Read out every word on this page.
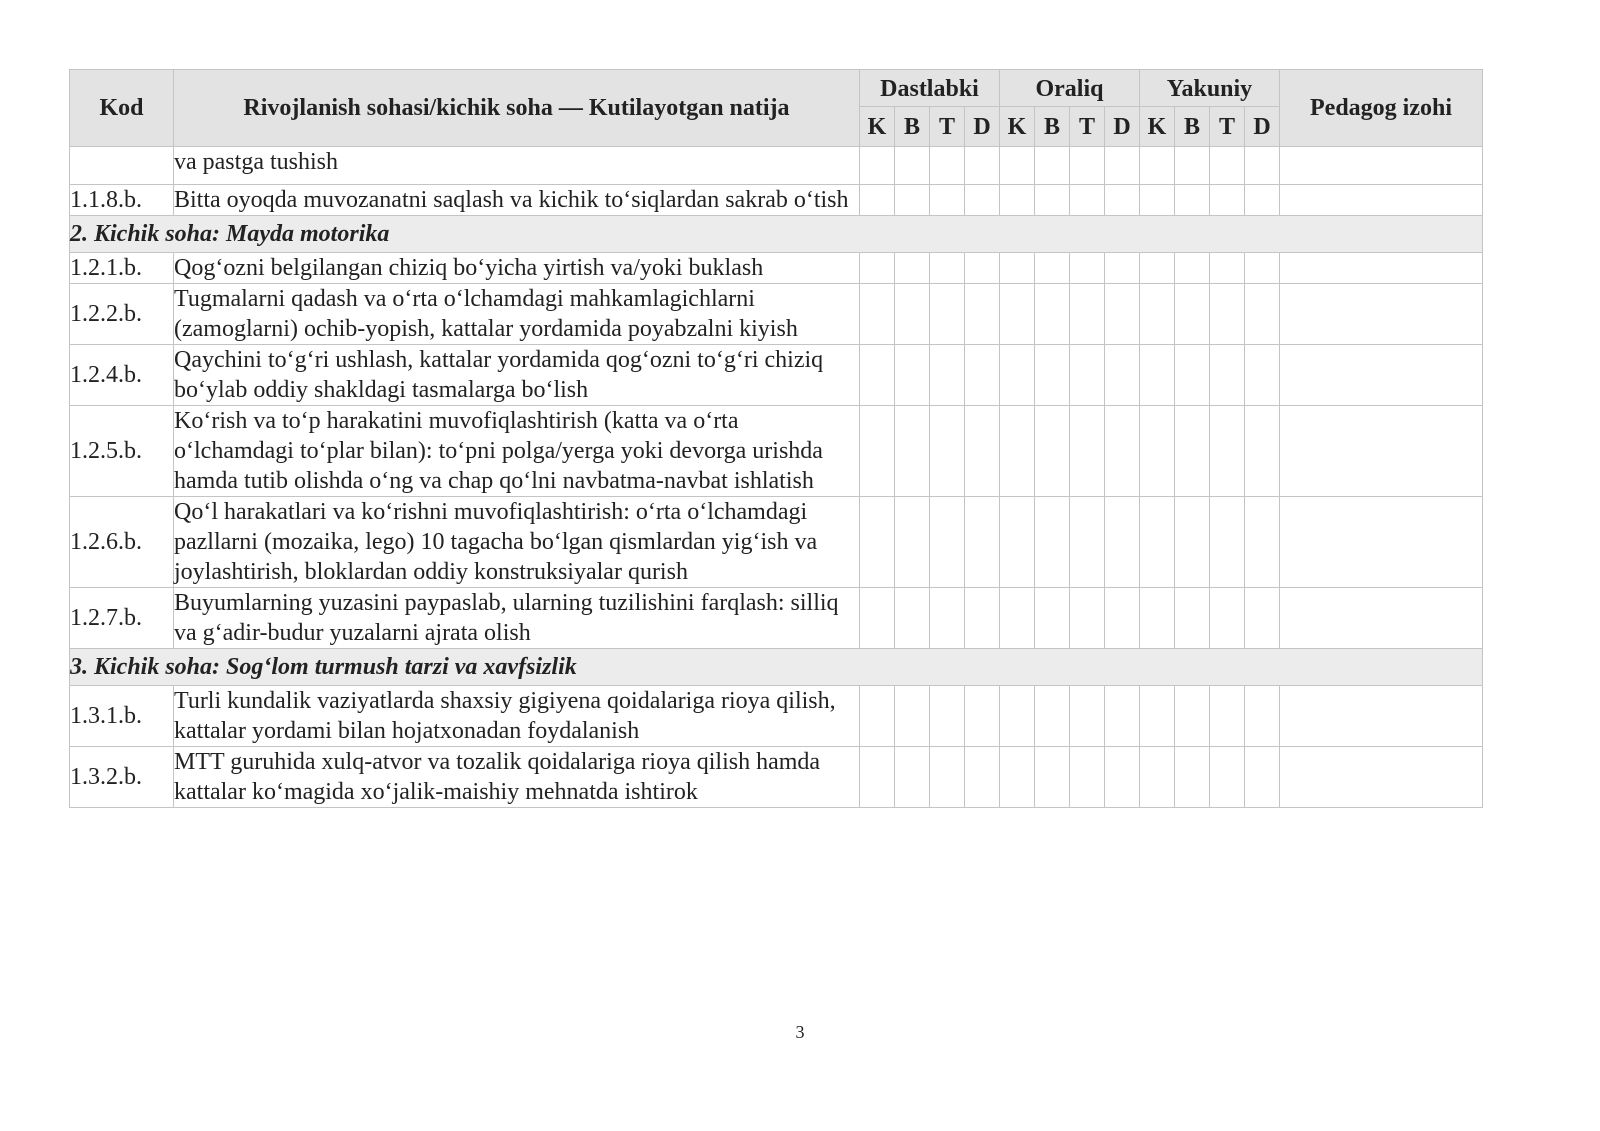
Kod	Rivojlanish sohasi/kichik soha — Kutilayotgan natija	Dastlabki				Oraliq				Yakuniy				Pedagog izohi
		K	B	T	D	K	B	T	D	K	B	T	D	
	va pastga tushish													
1.1.8.b.	Bitta oyoqda muvozanatni saqlash va kichik to‘siqlardan sakrab o‘tish													
2. Kichik soha: Mayda motorika														
1.2.1.b.	Qog‘ozni belgilangan chiziq bo‘yicha yirtish va/yoki buklash													
1.2.2.b.	Tugmalarni qadash va o‘rta o‘lchamdagi mahkamlagichlarni (zamoglarni) ochib-yopish, kattalar yordamida poyabzalni kiyish													
1.2.4.b.	Qaychini to‘g‘ri ushlash, kattalar yordamida qog‘ozni to‘g‘ri chiziq bo‘ylab oddiy shakldagi tasmalarga bo‘lish													
1.2.5.b.	Ko‘rish va to‘p harakatini muvofiqlashtirish (katta va o‘rta o‘lchamdagi to‘plar bilan): to‘pni polga/yerga yoki devorga urishda hamda tutib olishda o‘ng va chap qo‘lni navbatma-navbat ishlatish													
1.2.6.b.	Qo‘l harakatlari va ko‘rishni muvofiqlashtirish: o‘rta o‘lchamdagi pazllarni (mozaika, lego) 10 tagacha bo‘lgan qismlardan yig‘ish va joylashtirish, bloklardan oddiy konstruksiyalar qurish													
1.2.7.b.	Buyumlarning yuzasini paypaslab, ularning tuzilishini farqlash: silliq va g‘adir-budur yuzalarni ajrata olish													
3. Kichik soha: Sog‘lom turmush tarzi va xavfsizlik														
1.3.1.b.	Turli kundalik vaziyatlarda shaxsiy gigiyena qoidalariga rioya qilish, kattalar yordami bilan hojatxonadan foydalanish													
1.3.2.b.	MTT guruhida xulq-atvor va tozalik qoidalariga rioya qilish hamda kattalar ko‘magida xo‘jalik-maishiy mehnatda ishtirok													
3
